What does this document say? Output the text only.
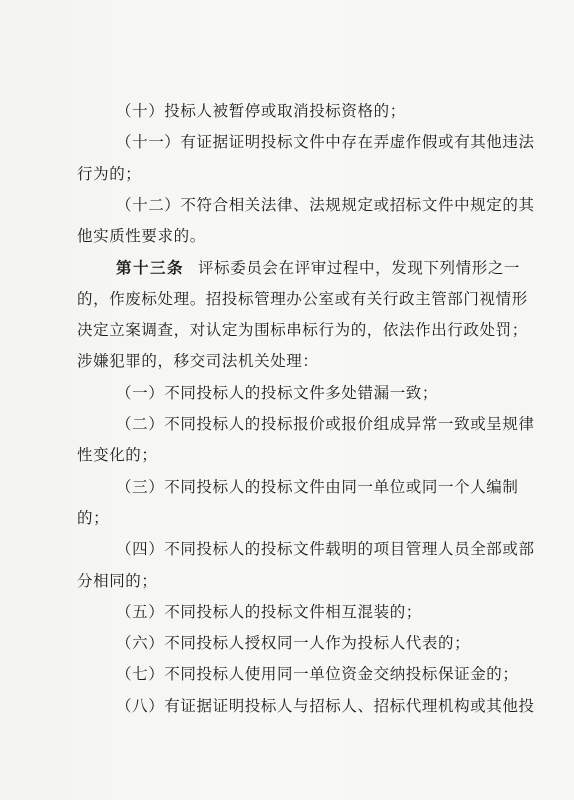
（十）投标人被暂停或取消投标资格的；
（十一）有证据证明投标文件中存在弄虚作假或有其他违法
行为的；
（十二）不符合相关法律、法规规定或招标文件中规定的其
他实质性要求的。
第十三条 评标委员会在评审过程中，发现下列情形之一
的，作废标处理。招投标管理办公室或有关行政主管部门视情形
决定立案调查，对认定为围标串标行为的，依法作出行政处罚；
涉嫌犯罪的，移交司法机关处理：
（一）不同投标人的投标文件多处错漏一致；
（二）不同投标人的投标报价或报价组成异常一致或呈规律
性变化的；
（三）不同投标人的投标文件由同一单位或同一个人编制
的；
（四）不同投标人的投标文件载明的项目管理人员全部或部
分相同的；
（五）不同投标人的投标文件相互混装的；
（六）不同投标人授权同一人作为投标人代表的；
（七）不同投标人使用同一单位资金交纳投标保证金的；
（八）有证据证明投标人与招标人、招标代理机构或其他投
